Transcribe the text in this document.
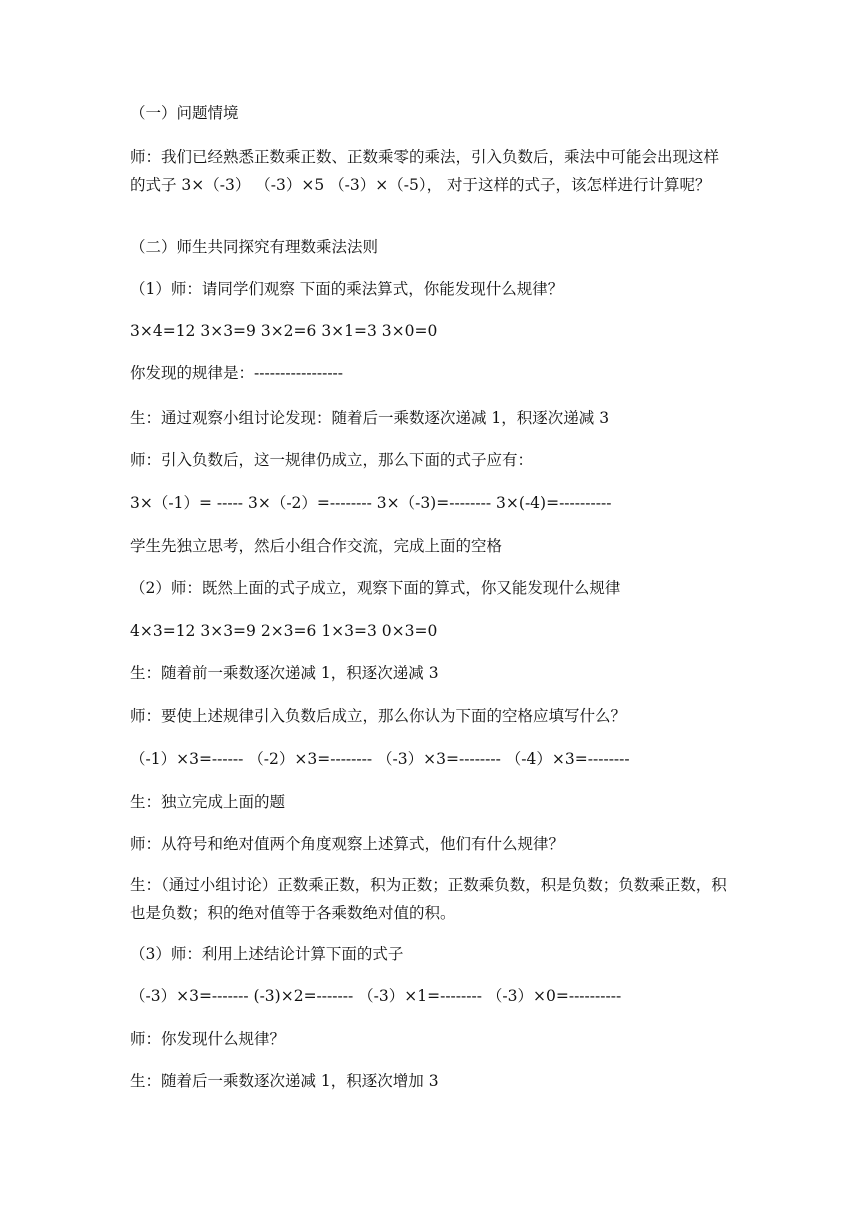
（一）问题情境
师：我们已经熟悉正数乘正数、正数乘零的乘法，引入负数后，乘法中可能会出现这样的式子 3×（-3） （-3）×5 （-3）×（-5）， 对于这样的式子，该怎样进行计算呢？
（二）师生共同探究有理数乘法法则
（1）师：请同学们观察 下面的乘法算式，你能发现什么规律？
3×4=12 3×3=9 3×2=6 3×1=3 3×0=0
你发现的规律是：-----------------
生：通过观察小组讨论发现：随着后一乘数逐次递减 1，积逐次递减 3
师：引入负数后，这一规律仍成立，那么下面的式子应有：
3×（-1）= ----- 3×（-2）=-------- 3×（-3)=-------- 3×(-4)=----------
学生先独立思考，然后小组合作交流，完成上面的空格
（2）师：既然上面的式子成立，观察下面的算式，你又能发现什么规律
4×3=12 3×3=9 2×3=6 1×3=3 0×3=0
生：随着前一乘数逐次递减 1，积逐次递减 3
师：要使上述规律引入负数后成立，那么你认为下面的空格应填写什么？
（-1）×3=------ （-2）×3=-------- （-3）×3=-------- （-4）×3=--------
生：独立完成上面的题
师：从符号和绝对值两个角度观察上述算式，他们有什么规律？
生：（通过小组讨论）正数乘正数，积为正数；正数乘负数，积是负数；负数乘正数，积也是负数；积的绝对值等于各乘数绝对值的积。
（3）师：利用上述结论计算下面的式子
（-3）×3=------- (-3)×2=------- （-3）×1=-------- （-3）×0=----------
师：你发现什么规律？
生：随着后一乘数逐次递减 1，积逐次增加 3
